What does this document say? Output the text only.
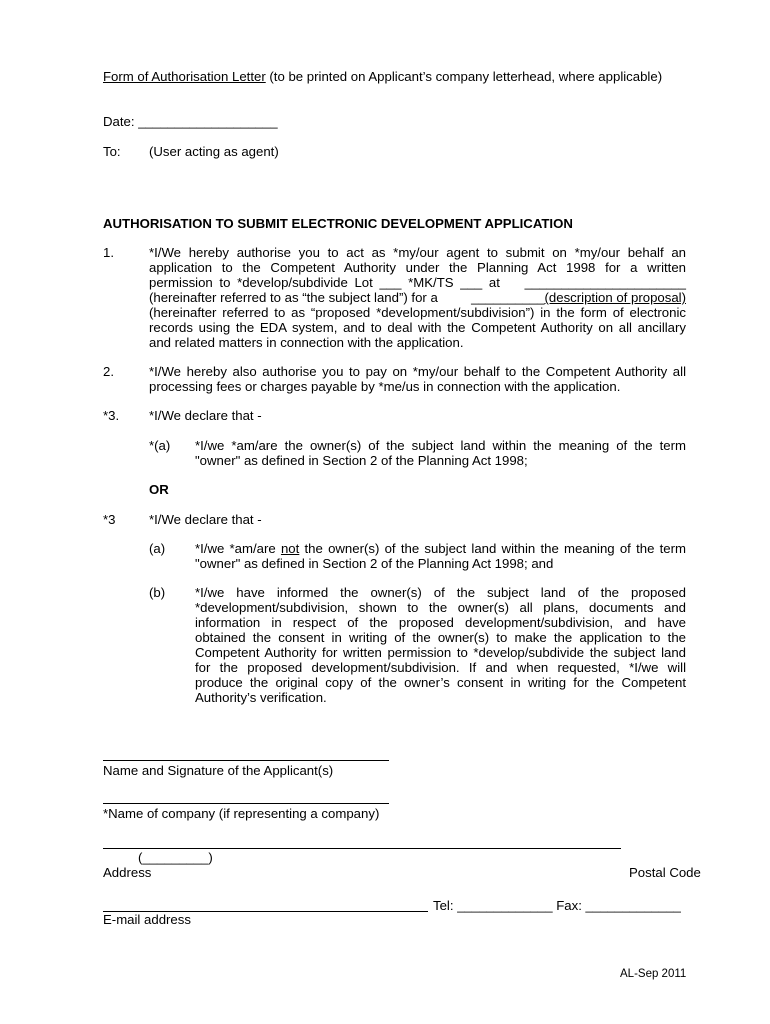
Form of Authorisation Letter (to be printed on Applicant’s company letterhead, where applicable)
Date: ___________________
To: (User acting as agent)
AUTHORISATION TO SUBMIT ELECTRONIC DEVELOPMENT APPLICATION
1.	*I/We hereby authorise you to act as *my/our agent to submit on *my/our behalf an
application to the Competent Authority under the Planning Act 1998 for a written
permission to *develop/subdivide Lot ___ *MK/TS ___ at ______________________
(hereinafter referred to as “the subject land”) for a	__________(description of proposal)
(hereinafter referred to as “proposed *development/subdivision”) in the form of electronic
records using the EDA system, and to deal with the Competent Authority on all ancillary
and related matters in connection with the application.
2.	*I/We hereby also authorise you to pay on *my/our behalf to the Competent Authority all
processing fees or charges payable by *me/us in connection with the application.
*3. *I/We declare that -
*(a) *I/we *am/are the owner(s) of the subject land within the meaning of the term
"owner" as defined in Section 2 of the Planning Act 1998;
OR
*3	*I/We declare that -
(a) *I/we *am/are not the owner(s) of the subject land within the meaning of the term
"owner" as defined in Section 2 of the Planning Act 1998; and
(b) *I/we have informed the owner(s) of the subject land of the proposed
*development/subdivision, shown to the owner(s) all plans, documents and
information in respect of the proposed development/subdivision, and have
obtained the consent in writing of the owner(s) to make the application to the
Competent Authority for written permission to *develop/subdivide the subject land
for the proposed development/subdivision. If and when requested, *I/we will
produce the original copy of the owner’s consent in writing for the Competent
Authority’s verification.
Name and Signature of the Applicant(s)
*Name of company (if representing a company)
(_________)
Address	Postal Code
Tel: _____________ Fax: _____________
E-mail address
AL-Sep 2011
